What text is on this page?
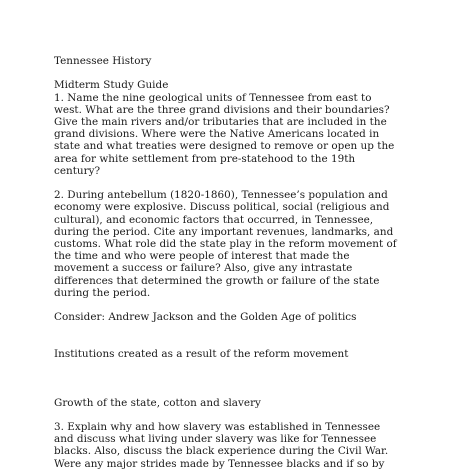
Tennessee History

Midterm Study Guide

1. Name the nine geological units of Tennessee from east to

west. What are the three grand divisions and their boundaries?

Give the main rivers and/or tributaries that are included in the

grand divisions. Where were the Native Americans located in

state and what treaties were designed to remove or open up the

area for white settlement from pre-statehood to the 19th

century?

2. During antebellum (1820-1860), Tennessee’s population and

economy were explosive. Discuss political, social (religious and

cultural), and economic factors that occurred, in Tennessee,

during the period. Cite any important revenues, landmarks, and

customs. What role did the state play in the reform movement of

the time and who were people of interest that made the

movement a success or failure? Also, give any intrastate

differences that determined the growth or failure of the state

during the period.

Consider: Andrew Jackson and the Golden Age of politics

Institutions created as a result of the reform movement

Growth of the state, cotton and slavery

3. Explain why and how slavery was established in Tennessee

and discuss what living under slavery was like for Tennessee

blacks. Also, discuss the black experience during the Civil War.

Were any major strides made by Tennessee blacks and if so by
